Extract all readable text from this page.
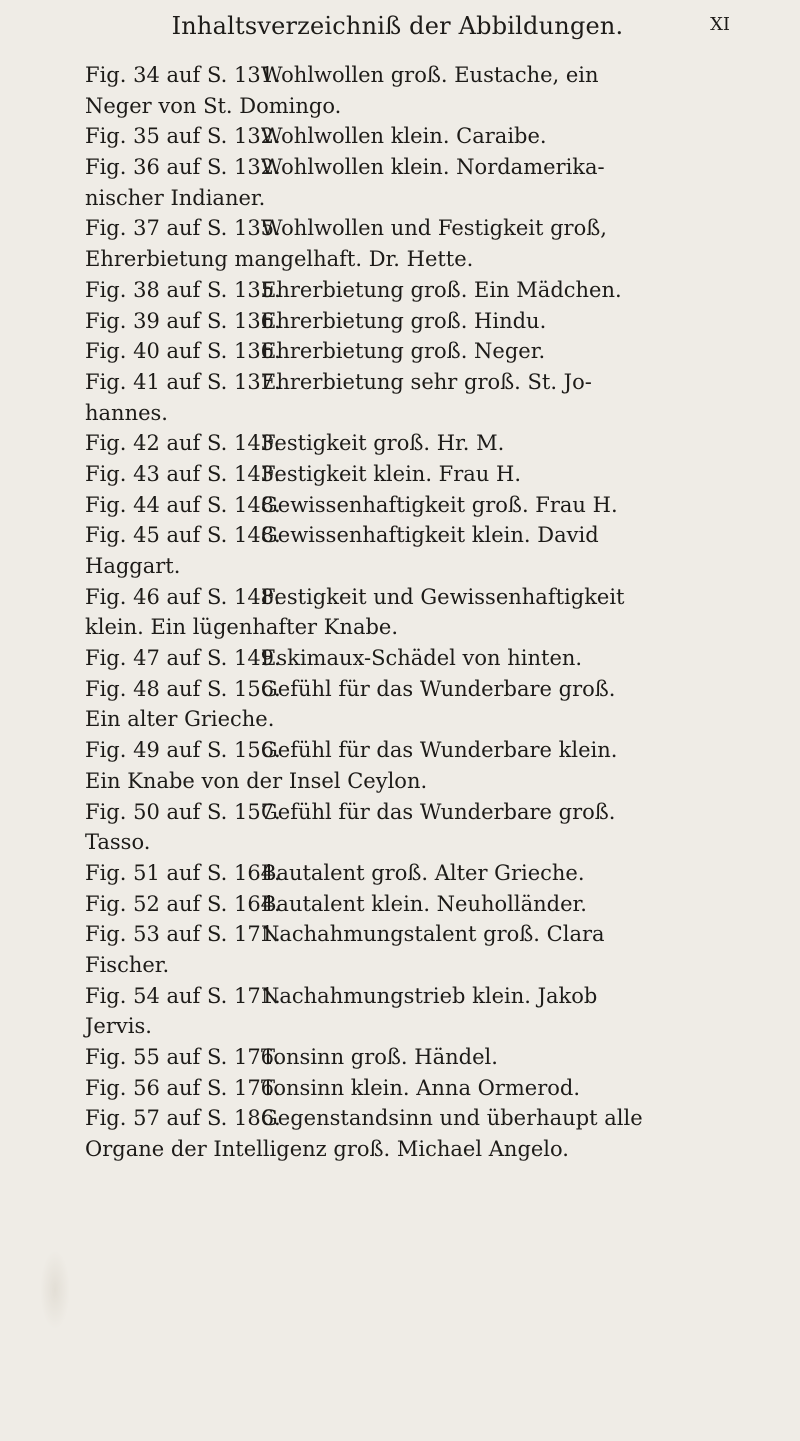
Inhaltsverzeichniß der Abbildungen.	XI
Fig. 34 auf S. 131.Wohlwollen groß. Eustache, ein
Neger von St. Domingo.
Fig. 35 auf S. 132.Wohlwollen klein. Caraibe.
Fig. 36 auf S. 132.Wohlwollen klein. Nordamerika-
nischer Indianer.
Fig. 37 auf S. 135.Wohlwollen und Festigkeit groß,
Ehrerbietung mangelhaft. Dr. Hette.
Fig. 38 auf S. 135.Ehrerbietung groß. Ein Mädchen.
Fig. 39 auf S. 136.Ehrerbietung groß. Hindu.
Fig. 40 auf S. 136.Ehrerbietung groß. Neger.
Fig. 41 auf S. 137.Ehrerbietung sehr groß. St. Jo-
hannes.
Fig. 42 auf S. 143.Festigkeit groß. Hr. M.
Fig. 43 auf S. 143.Festigkeit klein. Frau H.
Fig. 44 auf S. 148.Gewissenhaftigkeit groß. Frau H.
Fig. 45 auf S. 148.Gewissenhaftigkeit klein. David
Haggart.
Fig. 46 auf S. 148.Festigkeit und Gewissenhaftigkeit
klein. Ein lügenhafter Knabe.
Fig. 47 auf S. 149.Eskimaux-Schädel von hinten.
Fig. 48 auf S. 156.Gefühl für das Wunderbare groß.
Ein alter Grieche.
Fig. 49 auf S. 156.Gefühl für das Wunderbare klein.
Ein Knabe von der Insel Ceylon.
Fig. 50 auf S. 157.Gefühl für das Wunderbare groß.
Tasso.
Fig. 51 auf S. 164.Bautalent groß. Alter Grieche.
Fig. 52 auf S. 164.Bautalent klein. Neuholländer.
Fig. 53 auf S. 171.Nachahmungstalent groß. Clara
Fischer.
Fig. 54 auf S. 171.Nachahmungstrieb klein. Jakob
Jervis.
Fig. 55 auf S. 176.Tonsinn groß. Händel.
Fig. 56 auf S. 176.Tonsinn klein. Anna Ormerod.
Fig. 57 auf S. 186.Gegenstandsinn und überhaupt alle
Organe der Intelligenz groß. Michael Angelo.
